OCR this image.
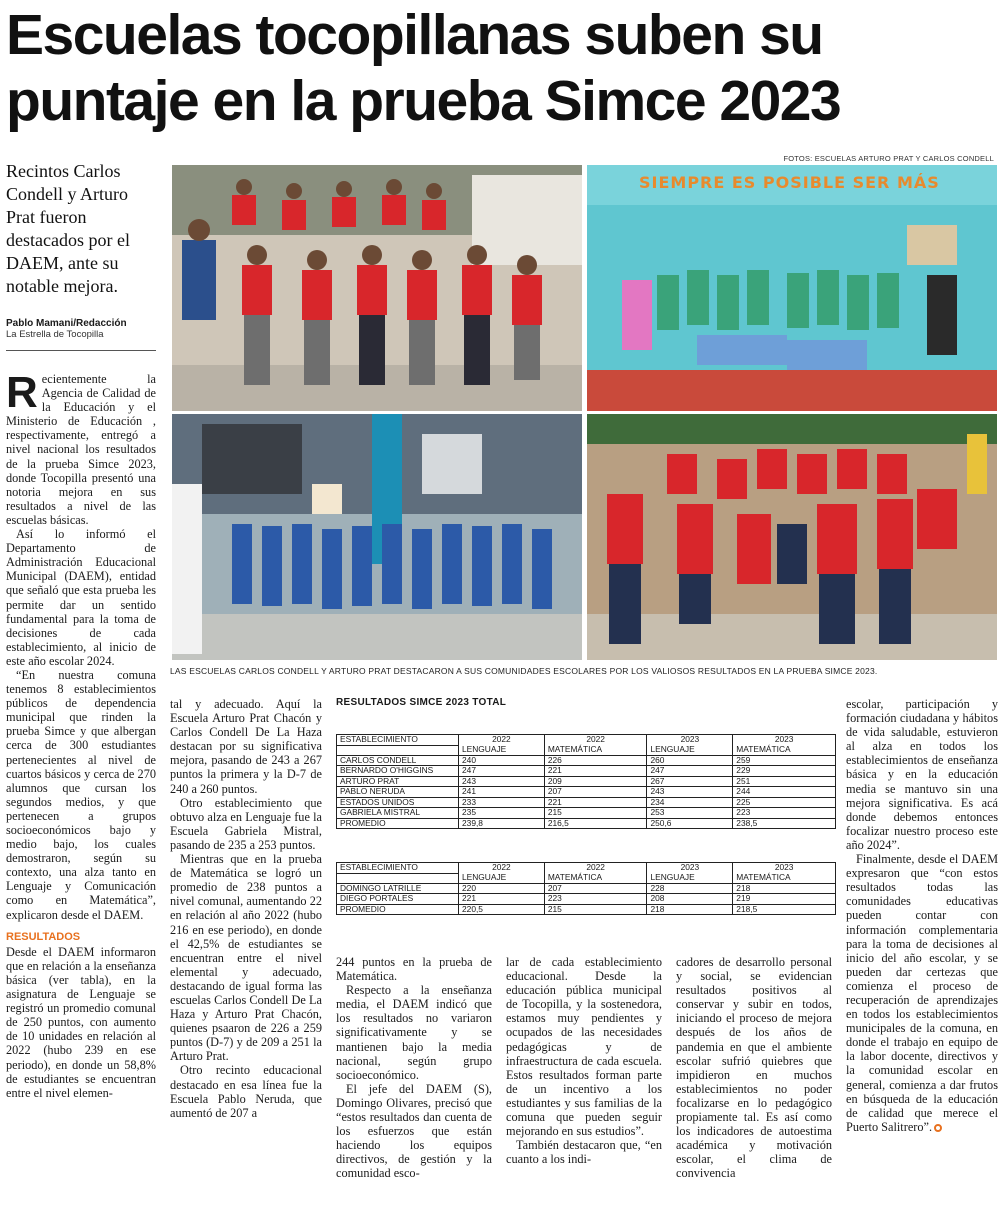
Escuelas tocopillanas suben su puntaje en la prueba Simce 2023
FOTOS: ESCUELAS ARTURO PRAT Y CARLOS CONDELL
Recintos Carlos Condell y Arturo Prat fueron destacados por el DAEM, ante su notable mejora.
Pablo Mamani/Redacción
La Estrella de Tocopilla
SIEMPRE ES POSIBLE SER MÁS
LAS ESCUELAS CARLOS CONDELL Y ARTURO PRAT DESTACARON A SUS COMUNIDADES ESCOLARES POR LOS VALIOSOS RESULTADOS EN LA PRUEBA SIMCE 2023.

Recientemente la Agencia de Calidad de la Educación y el Ministerio de Educación , respectivamente, entregó a nivel nacional los resultados de la prueba Simce 2023, donde Tocopilla presentó una notoria mejora en sus resultados a nivel de las escuelas básicas.

Así lo informó el Departamento de Administración Educacional Municipal (DAEM), entidad que señaló que esta prueba les permite dar un sentido fundamental para la toma de decisiones de cada establecimiento, al inicio de este año escolar 2024.

“En nuestra comuna tenemos 8 establecimientos públicos de dependencia municipal que rinden la prueba Simce y que albergan cerca de 300 estudiantes pertenecientes al nivel de cuartos básicos y cerca de 270 alumnos que cursan los segundos medios, y que pertenecen a grupos socioeconómicos bajo y medio bajo, los cuales demostraron, según su contexto, una alza tanto en Lenguaje y Comunicación como en Matemática”, explicaron desde el DAEM.

RESULTADOS

Desde el DAEM informaron que en relación a la enseñanza básica (ver tabla), en la asignatura de Lenguaje se registró un promedio comunal de 250 puntos, con aumento de 10 unidades en relación al 2022 (hubo 239 en ese periodo), en donde un 58,8% de estudiantes se encuentran entre el nivel elemen-

tal y adecuado. Aquí la Escuela Arturo Prat Chacón y Carlos Condell De La Haza destacan por su significativa mejora, pasando de 243 a 267 puntos la primera y la D-7 de 240 a 260 puntos.

Otro establecimiento que obtuvo alza en Lenguaje fue la Escuela Gabriela Mistral, pasando de 235 a 253 puntos.

Mientras que en la prueba de Matemática se logró un promedio de 238 puntos a nivel comunal, aumentando 22 en relación al año 2022 (hubo 216 en ese periodo), en donde el 42,5% de estudiantes se encuentran entre el nivel elemental y adecuado, destacando de igual forma las escuelas Carlos Condell De La Haza y Arturo Prat Chacón, quienes psaaron de 226 a 259 puntos (D-7) y de 209 a 251 la Arturo Prat.

Otro recinto educacional destacado en esa línea fue la Escuela Pablo Neruda, que aumentó de 207 a

RESULTADOS SIMCE 2023 TOTAL
ESTABLECIMIENTO	2022	2022	2023	2023
	LENGUAJE	MATEMÁTICA	LENGUAJE	MATEMÁTICA
CARLOS CONDELL	240	226	260	259
BERNARDO O'HIGGINS	247	221	247	229
ARTURO PRAT	243	209	267	251
PABLO NERUDA	241	207	243	244
ESTADOS UNIDOS	233	221	234	225
GABRIELA MISTRAL	235	215	253	223
PROMEDIO	239,8	216,5	250,6	238,5
ESTABLECIMIENTO	2022	2022	2023	2023
	LENGUAJE	MATEMÁTICA	LENGUAJE	MATEMÁTICA
DOMINGO LATRILLE	220	207	228	218
DIEGO PORTALES	221	223	208	219
PROMEDIO	220,5	215	218	218,5

244 puntos en la prueba de Matemática.

Respecto a la enseñanza media, el DAEM indicó que los resultados no variaron significativamente y se mantienen bajo la media nacional, según grupo socioeconómico.

El jefe del DAEM (S), Domingo Olivares, precisó que “estos resultados dan cuenta de los esfuerzos que están haciendo los equipos directivos, de gestión y la comunidad esco-

lar de cada establecimiento educacional. Desde la educación pública municipal de Tocopilla, y la sostenedora, estamos muy pendientes y ocupados de las necesidades pedagógicas y de infraestructura de cada escuela. Estos resultados forman parte de un incentivo a los estudiantes y sus familias de la comuna que pueden seguir mejorando en sus estudios”.

También destacaron que, “en cuanto a los indi-

cadores de desarrollo personal y social, se evidencian resultados positivos al conservar y subir en todos, iniciando el proceso de mejora después de los años de pandemia en que el ambiente escolar sufrió quiebres que impidieron en muchos establecimientos no poder focalizarse en lo pedagógico propiamente tal. Es así como los indicadores de autoestima académica y motivación escolar, el clima de convivencia

escolar, participación y formación ciudadana y hábitos de vida saludable, estuvieron al alza en todos los establecimientos de enseñanza básica y en la educación media se mantuvo sin una mejora significativa. Es acá donde debemos entonces focalizar nuestro proceso este año 2024”.

Finalmente, desde el DAEM expresaron que “con estos resultados todas las comunidades educativas pueden contar con información complementaria para la toma de decisiones al inicio del año escolar, y se pueden dar certezas que comienza el proceso de recuperación de aprendizajes en todos los establecimientos municipales de la comuna, en donde el trabajo en equipo de la labor docente, directivos y la comunidad escolar en general, comienza a dar frutos en búsqueda de la educación de calidad que merece el Puerto Salitrero”.
